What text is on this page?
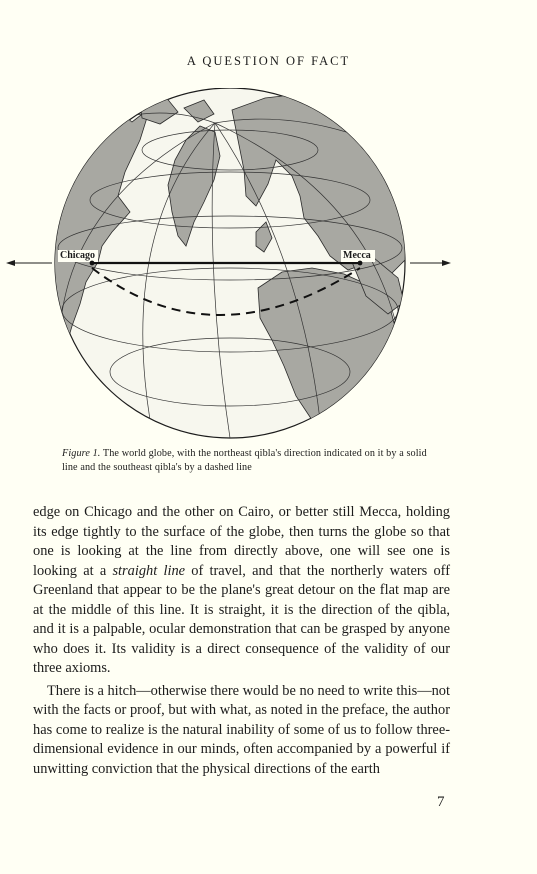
A QUESTION OF FACT
Chicago	Mecca
Figure 1. The world globe, with the northeast qibla's direction indicated on it by a solid line and the southeast qibla's by a dashed line

edge on Chicago and the other on Cairo, or better still Mecca, holding its edge tightly to the surface of the globe, then turns the globe so that one is looking at the line from directly above, one will see one is looking at a straight line of travel, and that the northerly waters off Greenland that appear to be the plane's great detour on the flat map are at the middle of this line. It is straight, it is the direction of the qibla, and it is a palpable, ocular demonstration that can be grasped by anyone who does it. Its validity is a direct consequence of the validity of our three axioms.

There is a hitch—otherwise there would be no need to write this—not with the facts or proof, but with what, as noted in the preface, the author has come to realize is the natural inability of some of us to follow three-dimensional evidence in our minds, often accompanied by a powerful if unwitting conviction that the physical directions of the earth

7
